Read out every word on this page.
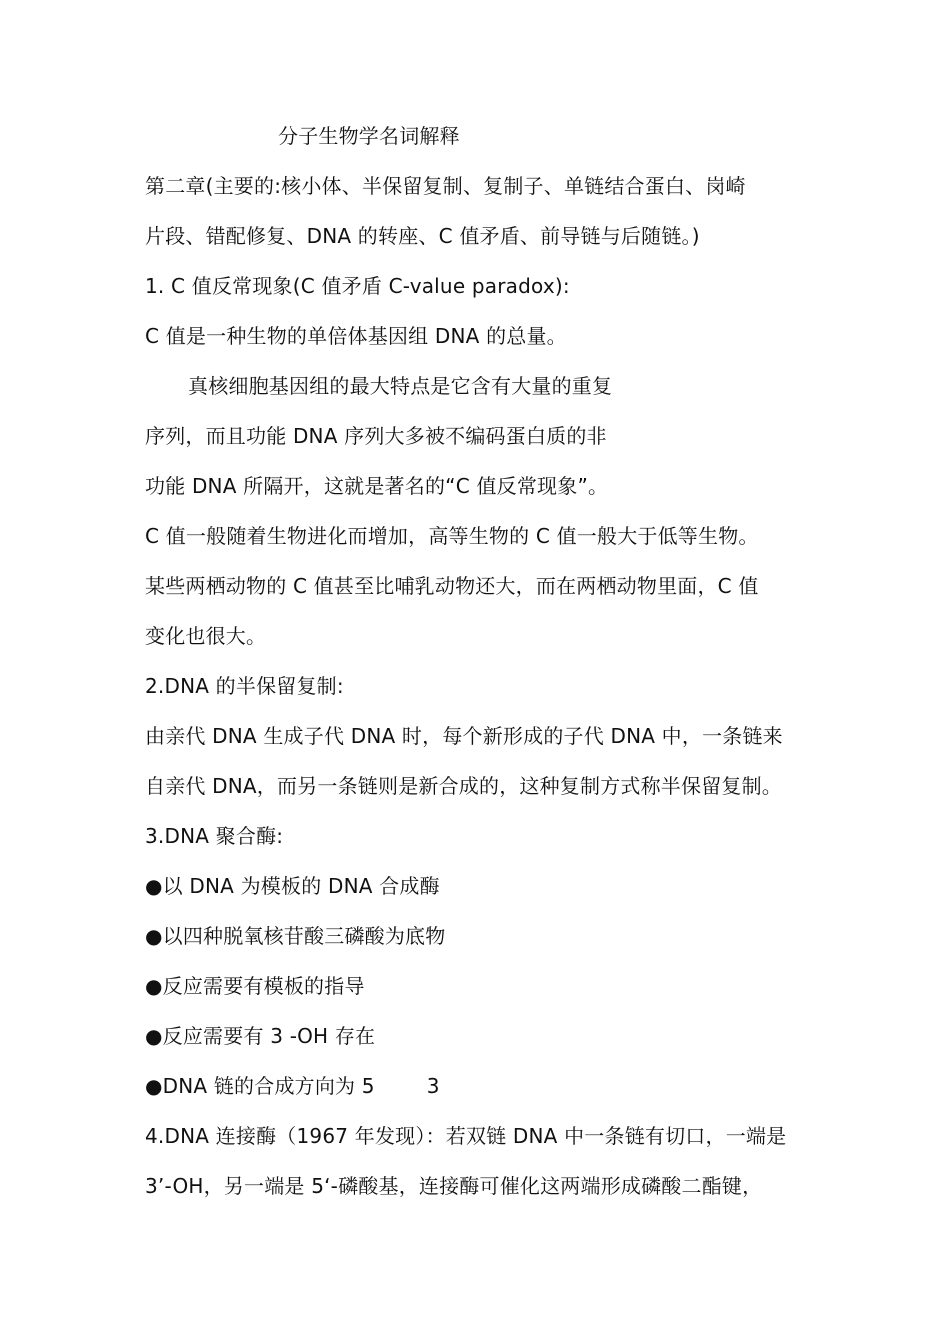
分子生物学名词解释
第二章(主要的:核小体、半保留复制、复制子、单链结合蛋白、岗崎
片段、错配修复、DNA 的转座、C 值矛盾、前导链与后随链。)
1. C 值反常现象(C 值矛盾 C-value paradox):
C 值是一种生物的单倍体基因组 DNA 的总量。
真核细胞基因组的最大特点是它含有大量的重复
序列，而且功能 DNA 序列大多被不编码蛋白质的非
功能 DNA 所隔开，这就是著名的“C 值反常现象”。
C 值一般随着生物进化而增加，高等生物的 C 值一般大于低等生物。
某些两栖动物的 C 值甚至比哺乳动物还大，而在两栖动物里面，C 值
变化也很大。
2.DNA 的半保留复制:
由亲代 DNA 生成子代 DNA 时，每个新形成的子代 DNA 中，一条链来
自亲代 DNA，而另一条链则是新合成的，这种复制方式称半保留复制。
3.DNA 聚合酶:
●以 DNA 为模板的 DNA 合成酶
●以四种脱氧核苷酸三磷酸为底物
●反应需要有模板的指导
●反应需要有 3 -OH 存在
●DNA 链的合成方向为 5	3
4.DNA 连接酶（1967 年发现）：若双链 DNA 中一条链有切口，一端是
3’-OH，另一端是 5‘-磷酸基，连接酶可催化这两端形成磷酸二酯键，
